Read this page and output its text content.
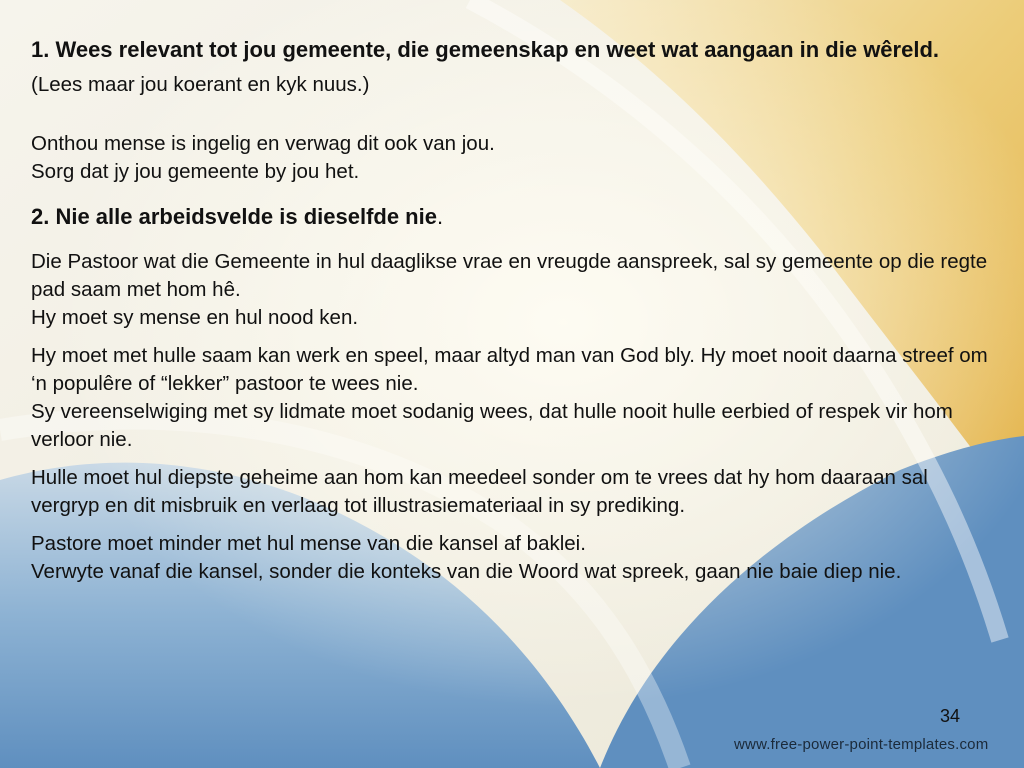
1. Wees relevant tot jou gemeente, die gemeenskap en weet wat aangaan in die wêreld. (Lees maar jou koerant en kyk nuus.)

Onthou mense is ingelig en verwag dit ook van jou.

Sorg dat jy jou gemeente by jou het.

2. Nie alle arbeidsvelde is dieselfde nie.

Die Pastoor wat die Gemeente in hul daaglikse vrae en vreugde aanspreek, sal sy gemeente op die regte pad saam met hom hê.

Hy moet sy mense en hul nood ken.

Hy moet met hulle saam kan werk en speel, maar altyd man van God bly. Hy moet nooit daarna streef om ‘n populêre of “lekker” pastoor te wees nie.

Sy vereenselwiging met sy lidmate moet sodanig wees, dat hulle nooit hulle eerbied of respek vir hom verloor nie.

Hulle moet hul diepste geheime aan hom kan meedeel sonder om te vrees dat hy hom daaraan sal vergryp en dit misbruik en verlaag tot illustrasiemateriaal in sy prediking.

Pastore moet minder met hul mense van die kansel af baklei.

Verwyte vanaf die kansel, sonder die konteks van die Woord wat spreek, gaan nie baie diep nie.

34
www.free-power-point-templates.com
